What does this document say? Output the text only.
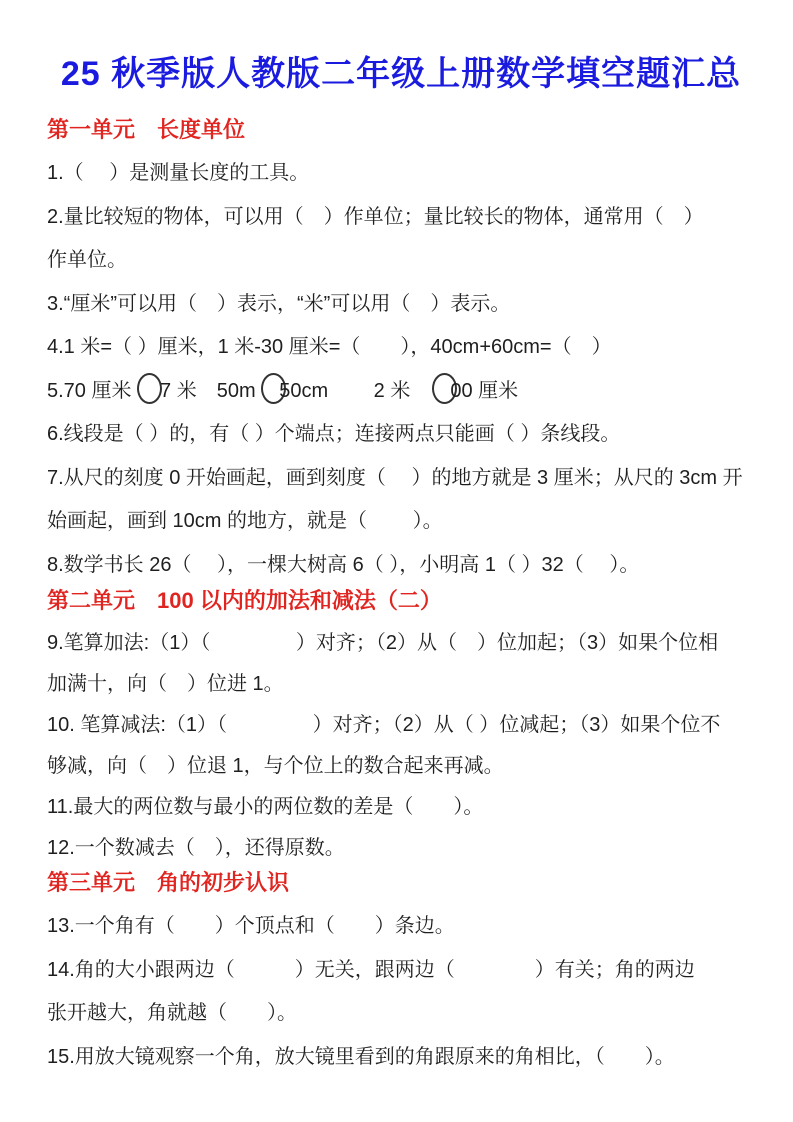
25 秋季版人教版二年级上册数学填空题汇总
第一单元　长度单位

1.（　 ）是测量长度的工具。

2.量比较短的物体，可以用（　）作单位；量比较长的物体，通常用（　）

作单位。

3.“厘米”可以用（　）表示，“米”可以用（　）表示。

4.1 米=（ ）厘米，1 米-30 厘米=（　　），40cm+60cm=（　）

5.70 厘米 7 米　50m 50cm　　 2 米　00 厘米

6.线段是（ ）的，有（ ）个端点；连接两点只能画（ ）条线段。

7.从尺的刻度 0 开始画起，画到刻度（　 ）的地方就是 3 厘米；从尺的 3cm 开

始画起，画到 10cm 的地方，就是（　　 ）。

8.数学书长 26（　 ），一棵大树高 6（ ），小明高 1（ ）32（　 ）。

第二单元　100 以内的加法和减法（二）

9.笔算加法:（1）（　　　　 ）对齐；（2）从（　）位加起；（3）如果个位相

加满十，向（　）位进 1。

10. 笔算减法:（1）（　　　　 ）对齐；（2）从（ ）位减起；（3）如果个位不

够减，向（　）位退 1，与个位上的数合起来再减。

11.最大的两位数与最小的两位数的差是（　　）。

12.一个数减去（　），还得原数。

第三单元　角的初步认识

13.一个角有（　　）个顶点和（　　）条边。

14.角的大小跟两边（　　　）无关，跟两边（　　　　）有关；角的两边

张开越大，角就越（　　）。

15.用放大镜观察一个角，放大镜里看到的角跟原来的角相比，（　　）。
